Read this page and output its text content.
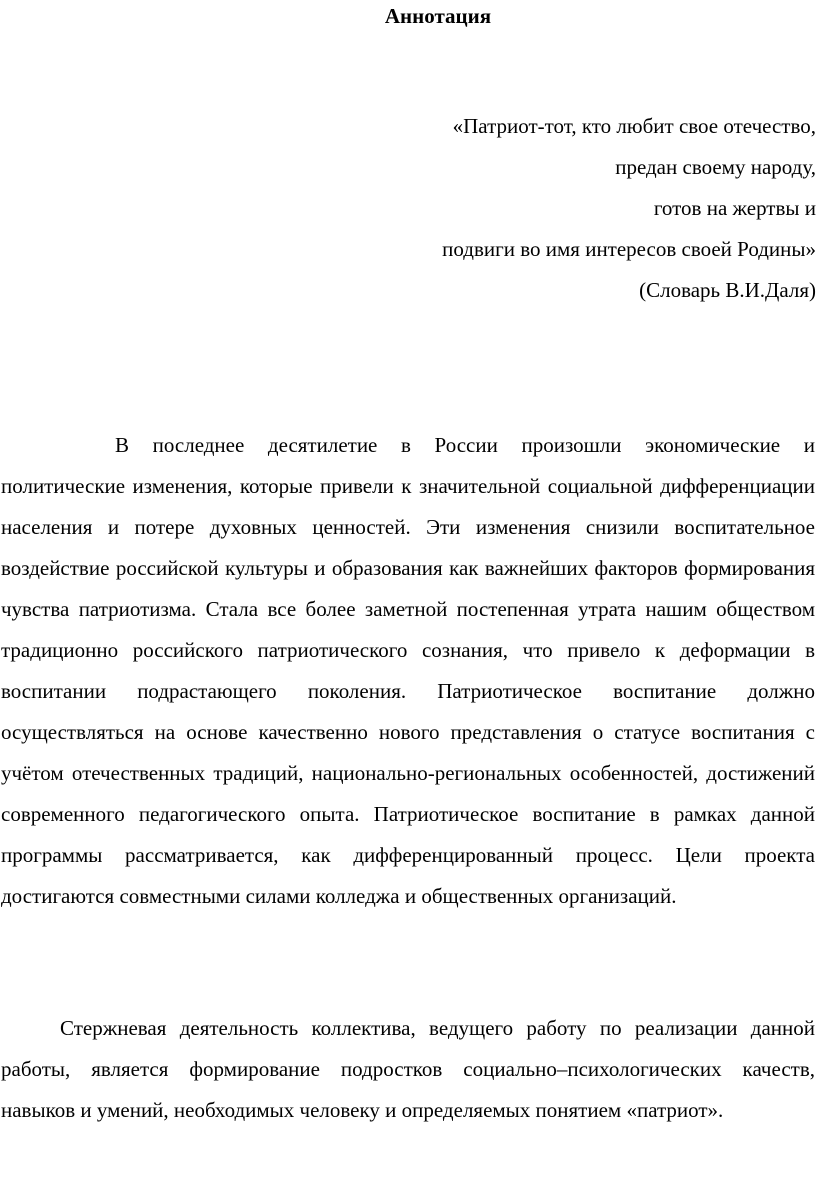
Аннотация
«Патриот-тот, кто любит свое отечество,
предан своему народу,
готов на жертвы и
подвиги во имя интересов своей Родины»
(Словарь В.И.Даля)

В последнее десятилетие в России произошли экономические и политические изменения, которые привели к значительной социальной дифференциации населения и потере духовных ценностей. Эти изменения снизили воспитательное воздействие российской культуры и образования как важнейших факторов формирования чувства патриотизма. Стала все более заметной постепенная утрата нашим обществом традиционно российского патриотического сознания, что привело к деформации в воспитании подрастающего поколения. Патриотическое воспитание должно осуществляться на основе качественно нового представления о статусе воспитания с учётом отечественных традиций, национально-региональных особенностей, достижений современного педагогического опыта. Патриотическое воспитание в рамках данной программы рассматривается, как дифференцированный процесс. Цели проекта достигаются совместными силами колледжа и общественных организаций.

Стержневая деятельность коллектива, ведущего работу по реализации данной работы, является формирование подростков социально–психологических качеств, навыков и умений, необходимых человеку и определяемых понятием «патриот».
